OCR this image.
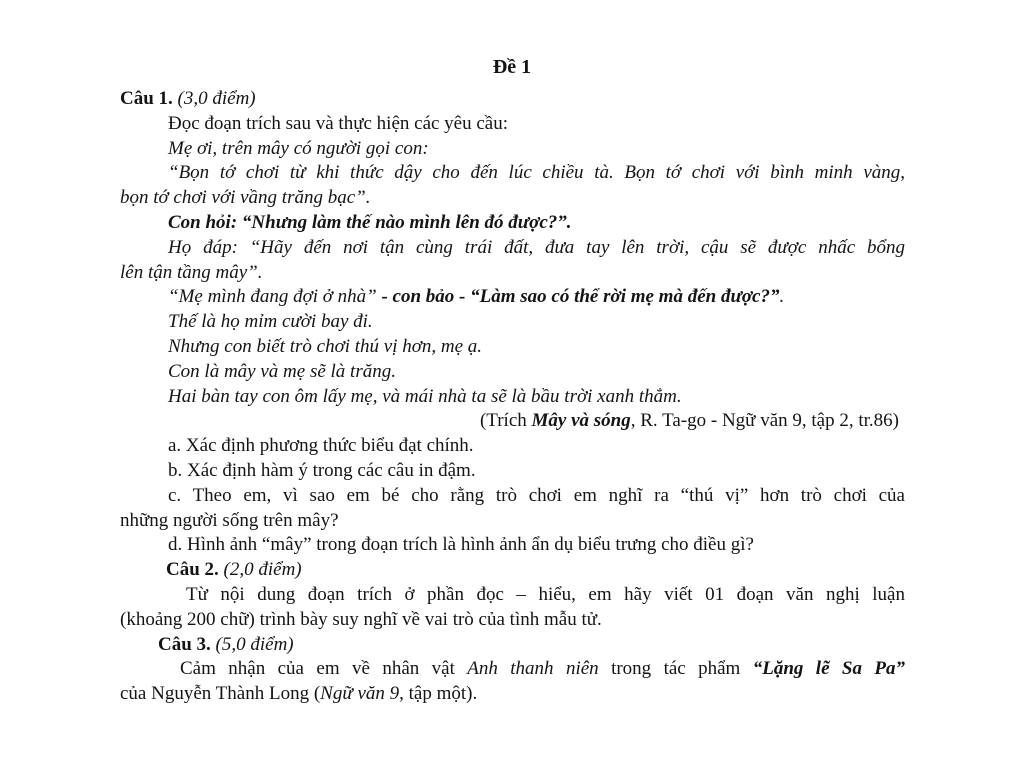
Đề 1
Câu 1. (3,0 điểm)
Đọc đoạn trích sau và thực hiện các yêu cầu:
Mẹ ơi, trên mây có người gọi con:
“Bọn tớ chơi từ khi thức dậy cho đến lúc chiều tà. Bọn tớ chơi với bình minh vàng,
bọn tớ chơi với vầng trăng bạc”.
Con hỏi: “Nhưng làm thế nào mình lên đó được?”.
Họ đáp: “Hãy đến nơi tận cùng trái đất, đưa tay lên trời, cậu sẽ được nhấc bổng
lên tận tầng mây”.
“Mẹ mình đang đợi ở nhà” - con bảo - “Làm sao có thể rời mẹ mà đến được?”.
Thế là họ mỉm cười bay đi.
Nhưng con biết trò chơi thú vị hơn, mẹ ạ.
Con là mây và mẹ sẽ là trăng.
Hai bàn tay con ôm lấy mẹ, và mái nhà ta sẽ là bầu trời xanh thẳm.
(Trích Mây và sóng, R. Ta-go - Ngữ văn 9, tập 2, tr.86)
a. Xác định phương thức biểu đạt chính.
b. Xác định hàm ý trong các câu in đậm.
c. Theo em, vì sao em bé cho rằng trò chơi em nghĩ ra “thú vị” hơn trò chơi của
những người sống trên mây?
d. Hình ảnh “mây” trong đoạn trích là hình ảnh ẩn dụ biểu trưng cho điều gì?
Câu 2. (2,0 điểm)
Từ nội dung đoạn trích ở phần đọc – hiểu, em hãy viết 01 đoạn văn nghị luận
(khoảng 200 chữ) trình bày suy nghĩ về vai trò của tình mẫu tử.
Câu 3. (5,0 điểm)
Cảm nhận của em về nhân vật Anh thanh niên trong tác phẩm “Lặng lẽ Sa Pa”
của Nguyễn Thành Long (Ngữ văn 9, tập một).
